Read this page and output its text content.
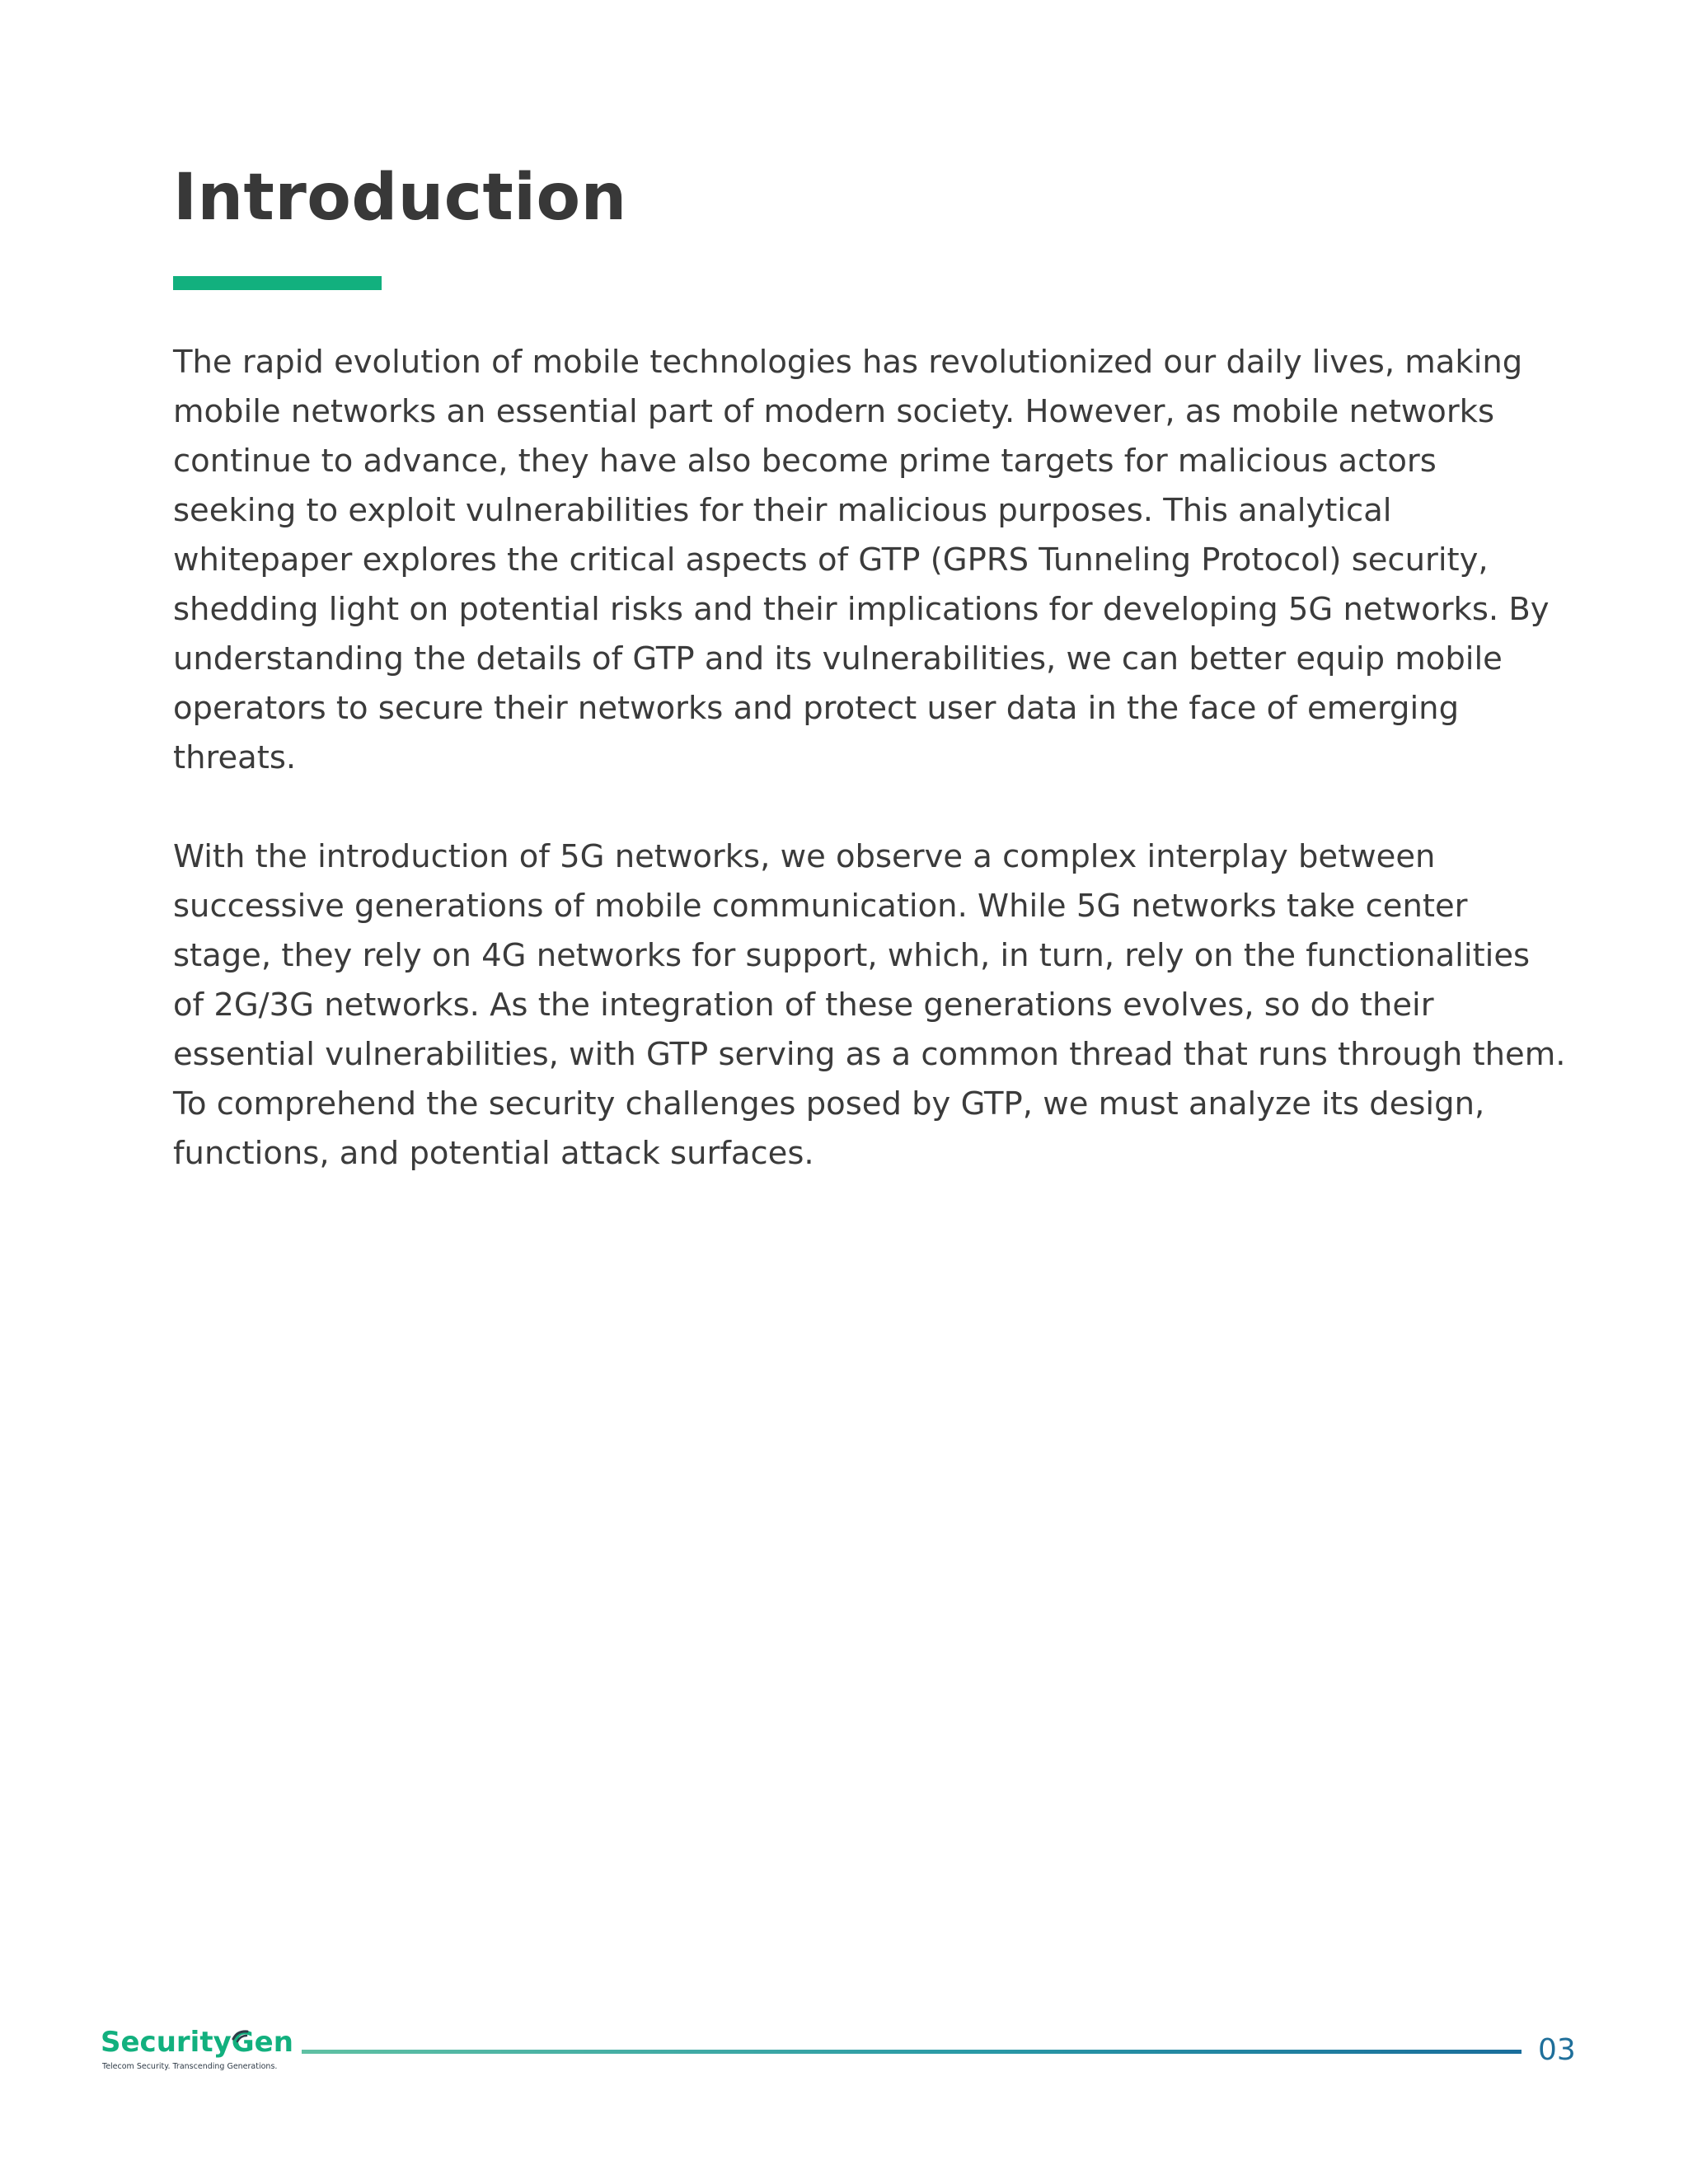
Introduction

The rapid evolution of mobile technologies has revolutionized our daily lives, making mobile networks an essential part of modern society. However, as mobile networks continue to advance, they have also become prime targets for malicious actors seeking to exploit vulnerabilities for their malicious purposes. This analytical whitepaper explores the critical aspects of GTP (GPRS Tunneling Protocol) security, shedding light on potential risks and their implications for developing 5G networks. By understanding the details of GTP and its vulnerabilities, we can better equip mobile operators to secure their networks and protect user data in the face of emerging threats.

With the introduction of 5G networks, we observe a complex interplay between successive generations of mobile communication. While 5G networks take center stage, they rely on 4G networks for support, which, in turn, rely on the functionalities of 2G/3G networks. As the integration of these generations evolves, so do their essential vulnerabilities, with GTP serving as a common thread that runs through them. To comprehend the security challenges posed by GTP, we must analyze its design, functions, and potential attack surfaces.

SecurityGen
Telecom Security. Transcending Generations.	03
